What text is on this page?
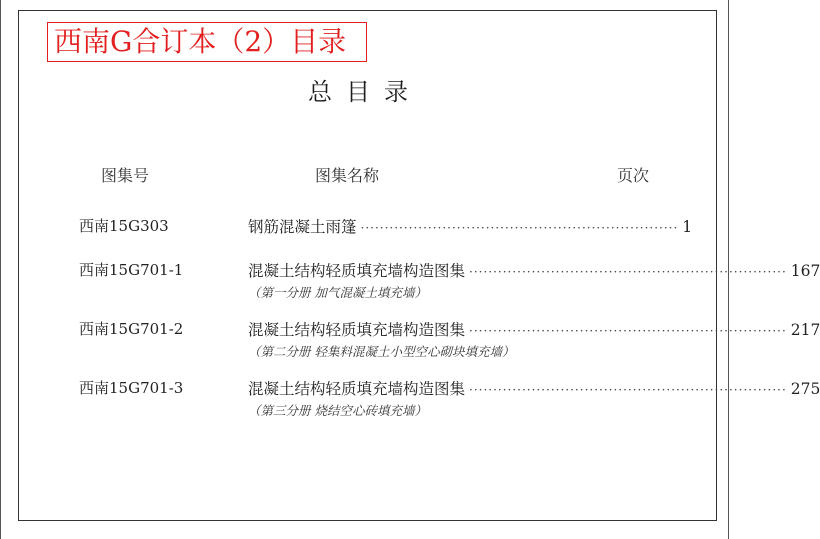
西南G合订本（2）目录
总目录
图集号	图集名称	页次
西南15G303	钢筋混凝土雨篷 ·································································· 1
西南15G701-1	混凝土结构轻质填充墙构造图集 ·································································· 167
（第一分册 加气混凝土填充墙）
西南15G701-2	混凝土结构轻质填充墙构造图集 ·································································· 217
（第二分册 轻集料混凝土小型空心砌块填充墙）
西南15G701-3	混凝土结构轻质填充墙构造图集 ·································································· 275
（第三分册 烧结空心砖填充墙）
